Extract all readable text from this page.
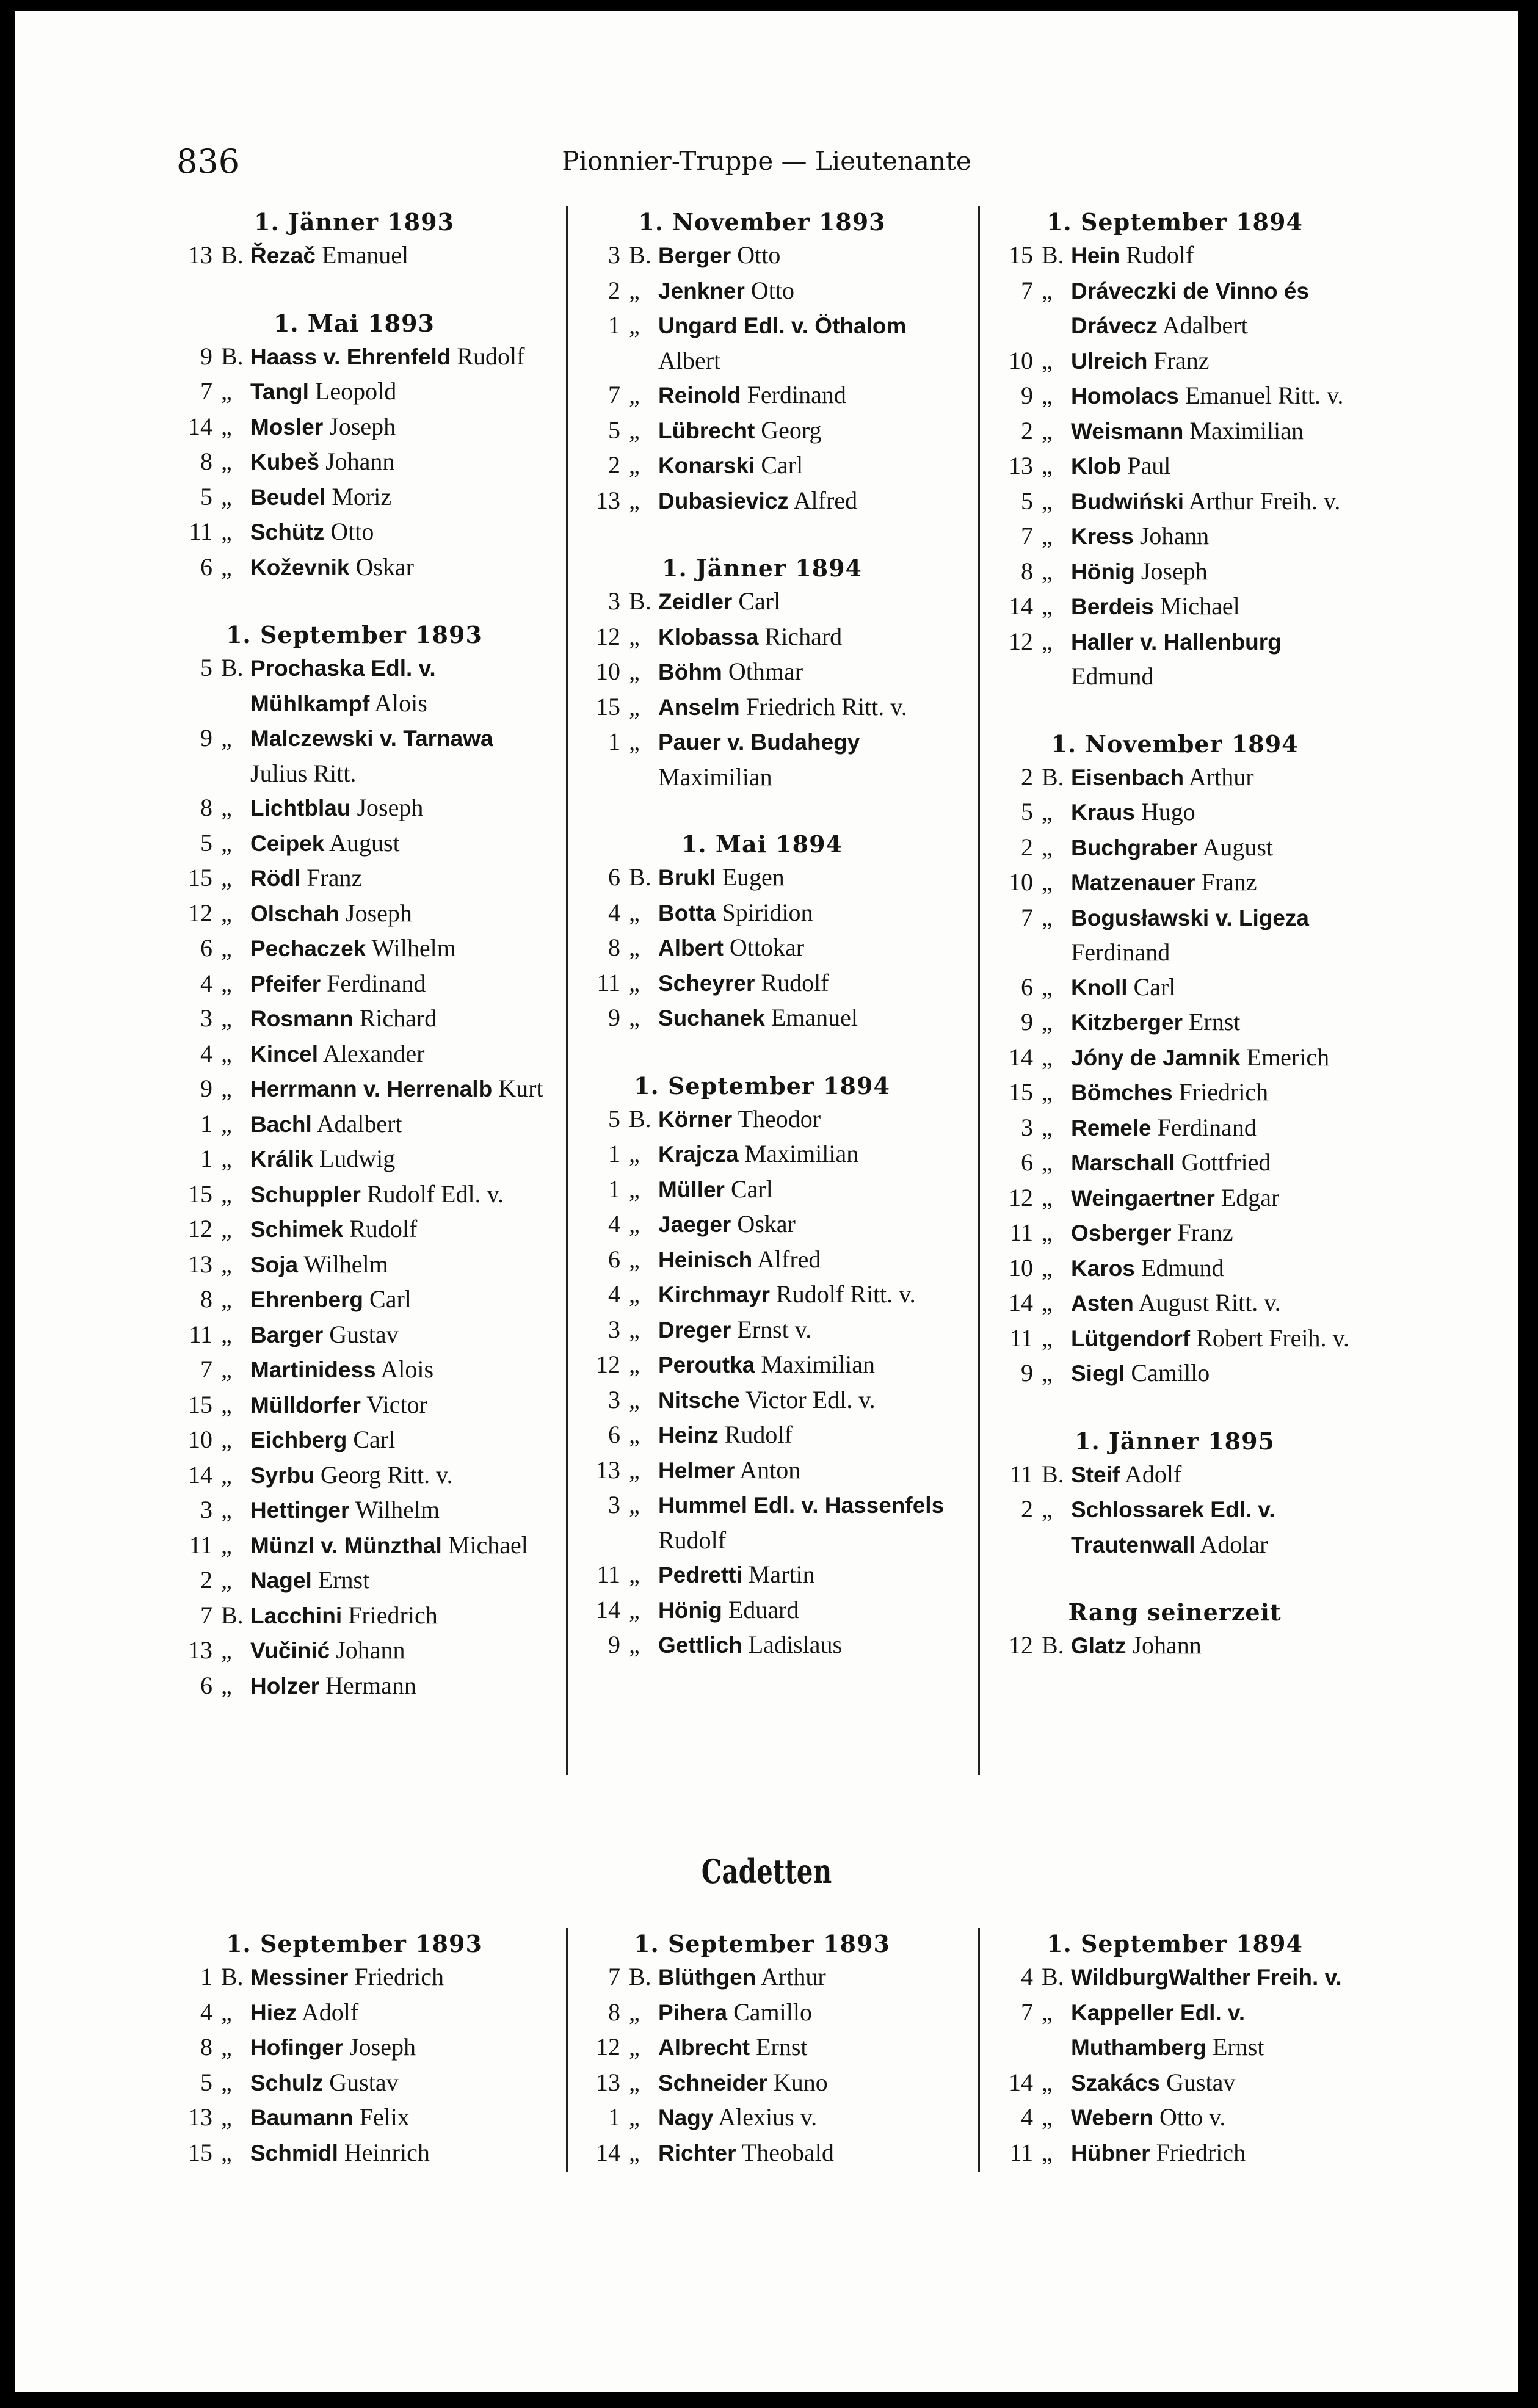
836	Pionnier-Truppe — Lieutenante
1. Jänner 1893
13 B. Řezač Emanuel
1. Mai 1893
9 B. Haass v. Ehrenfeld Rudolf
7 „ Tangl Leopold
14 „ Mosler Joseph
8 „ Kubeš Johann
5 „ Beudel Moriz
11 „ Schütz Otto
6 „ Koževnik Oskar
1. September 1893
5 B. Prochaska Edl. v. Mühlkampf Alois
9 „ Malczewski v. Tarnawa Julius Ritt.
8 „ Lichtblau Joseph
5 „ Ceipek August
15 „ Rödl Franz
12 „ Olschah Joseph
6 „ Pechaczek Wilhelm
4 „ Pfeifer Ferdinand
3 „ Rosmann Richard
4 „ Kincel Alexander
9 „ Herrmann v. Herrenalb Kurt
1 „ Bachl Adalbert
1 „ Králik Ludwig
15 „ Schuppler Rudolf Edl. v.
12 „ Schimek Rudolf
13 „ Soja Wilhelm
8 „ Ehrenberg Carl
11 „ Barger Gustav
7 „ Martinidess Alois
15 „ Mülldorfer Victor
10 „ Eichberg Carl
14 „ Syrbu Georg Ritt. v.
3 „ Hettinger Wilhelm
11 „ Münzl v. Münzthal Michael
2 „ Nagel Ernst
7 B. Lacchini Friedrich
13 „ Vučinić Johann
6 „ Holzer Hermann
1. November 1893
3 B. Berger Otto
2 „ Jenkner Otto
1 „ Ungard Edl. v. Öthalom Albert
7 „ Reinold Ferdinand
5 „ Lübrecht Georg
2 „ Konarski Carl
13 „ Dubasievicz Alfred
1. Jänner 1894
3 B. Zeidler Carl
12 „ Klobassa Richard
10 „ Böhm Othmar
15 „ Anselm Friedrich Ritt. v.
1 „ Pauer v. Budahegy Maximilian
1. Mai 1894
6 B. Brukl Eugen
4 „ Botta Spiridion
8 „ Albert Ottokar
11 „ Scheyrer Rudolf
9 „ Suchanek Emanuel
1. September 1894
5 B. Körner Theodor
1 „ Krajcza Maximilian
1 „ Müller Carl
4 „ Jaeger Oskar
6 „ Heinisch Alfred
4 „ Kirchmayr Rudolf Ritt. v.
3 „ Dreger Ernst v.
12 „ Peroutka Maximilian
3 „ Nitsche Victor Edl. v.
6 „ Heinz Rudolf
13 „ Helmer Anton
3 „ Hummel Edl. v. Hassenfels Rudolf
11 „ Pedretti Martin
14 „ Hönig Eduard
9 „ Gettlich Ladislaus
1. September 1894
15 B. Hein Rudolf
7 „ Dráveczki de Vinno és Drávecz Adalbert
10 „ Ulreich Franz
9 „ Homolacs Emanuel Ritt. v.
2 „ Weismann Maximilian
13 „ Klob Paul
5 „ Budwiński Arthur Freih. v.
7 „ Kress Johann
8 „ Hönig Joseph
14 „ Berdeis Michael
12 „ Haller v. Hallenburg Edmund
1. November 1894
2 B. Eisenbach Arthur
5 „ Kraus Hugo
2 „ Buchgraber August
10 „ Matzenauer Franz
7 „ Bogusławski v. Ligeza Ferdinand
6 „ Knoll Carl
9 „ Kitzberger Ernst
14 „ Jóny de Jamnik Emerich
15 „ Bömches Friedrich
3 „ Remele Ferdinand
6 „ Marschall Gottfried
12 „ Weingaertner Edgar
11 „ Osberger Franz
10 „ Karos Edmund
14 „ Asten August Ritt. v.
11 „ Lütgendorf Robert Freih. v.
9 „ Siegl Camillo
1. Jänner 1895
11 B. Steif Adolf
2 „ Schlossarek Edl. v. Trautenwall Adolar
Rang seinerzeit
12 B. Glatz Johann
Cadetten
1. September 1893
1 B. Messiner Friedrich
4 „ Hiez Adolf
8 „ Hofinger Joseph
5 „ Schulz Gustav
13 „ Baumann Felix
15 „ Schmidl Heinrich
1. September 1893
7 B. Blüthgen Arthur
8 „ Pihera Camillo
12 „ Albrecht Ernst
13 „ Schneider Kuno
1 „ Nagy Alexius v.
14 „ Richter Theobald
1. September 1894
4 B. WildburgWalther Freih. v.
7 „ Kappeller Edl. v. Muthamberg Ernst
14 „ Szakács Gustav
4 „ Webern Otto v.
11 „ Hübner Friedrich
